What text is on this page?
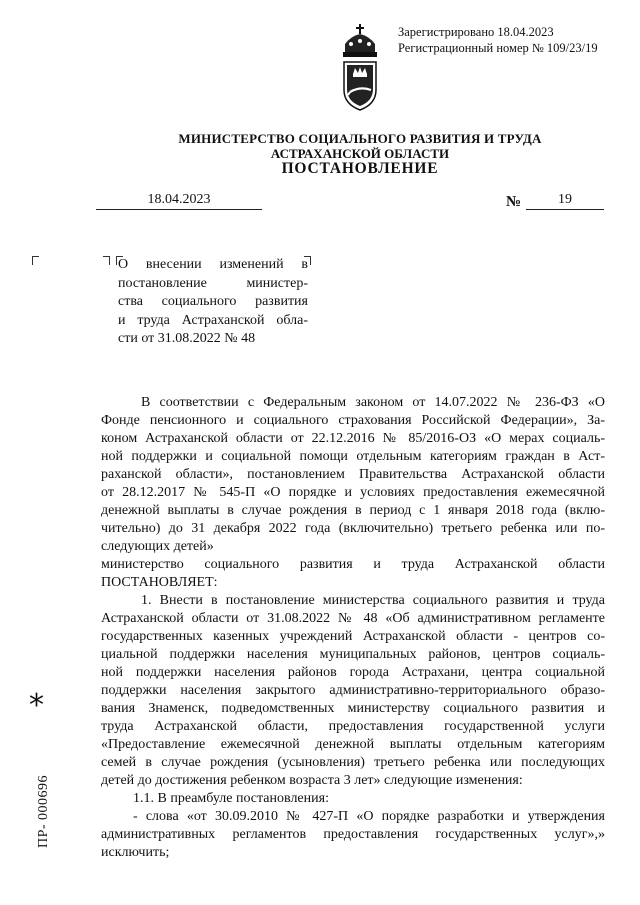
Зарегистрировано 18.04.2023
Регистрационный номер № 109/23/19
МИНИСТЕРСТВО СОЦИАЛЬНОГО РАЗВИТИЯ И ТРУДА
АСТРАХАНСКОЙ ОБЛАСТИ
ПОСТАНОВЛЕНИЕ
18.04.2023	№	19
О внесении изменений в
постановление министер-
ства социального развития
и труда Астраханской обла-
сти от 31.08.2022 № 48
В соответствии с Федеральным законом от 14.07.2022 № 236-ФЗ «О
Фонде пенсионного и социального страхования Российской Федерации», За-
коном Астраханской области от 22.12.2016 № 85/2016-ОЗ «О мерах социаль-
ной поддержки и социальной помощи отдельным категориям граждан в Аст-
раханской области», постановлением Правительства Астраханской области
от 28.12.2017 № 545-П «О порядке и условиях предоставления ежемесячной
денежной выплаты в случае рождения в период с 1 января 2018 года (вклю-
чительно) до 31 декабря 2022 года (включительно) третьего ребенка или по-
следующих детей»
министерство социального развития и труда Астраханской области
ПОСТАНОВЛЯЕТ:
1. Внести в постановление министерства социального развития и труда
Астраханской области от 31.08.2022 № 48 «Об административном регламенте
государственных казенных учреждений Астраханской области - центров со-
циальной поддержки населения муниципальных районов, центров социаль-
ной поддержки населения районов города Астрахани, центра социальной
поддержки населения закрытого административно-территориального образо-
вания Знаменск, подведомственных министерству социального развития и
труда Астраханской области, предоставления государственной услуги
«Предоставление ежемесячной денежной выплаты отдельным категориям
семей в случае рождения (усыновления) третьего ребенка или последующих
детей до достижения ребенком возраста 3 лет» следующие изменения:
1.1. В преамбуле постановления:
- слова «от 30.09.2010 № 427-П «О порядке разработки и утверждения
административных регламентов предоставления государственных услуг»,»
исключить;
*
ПР- 000696
